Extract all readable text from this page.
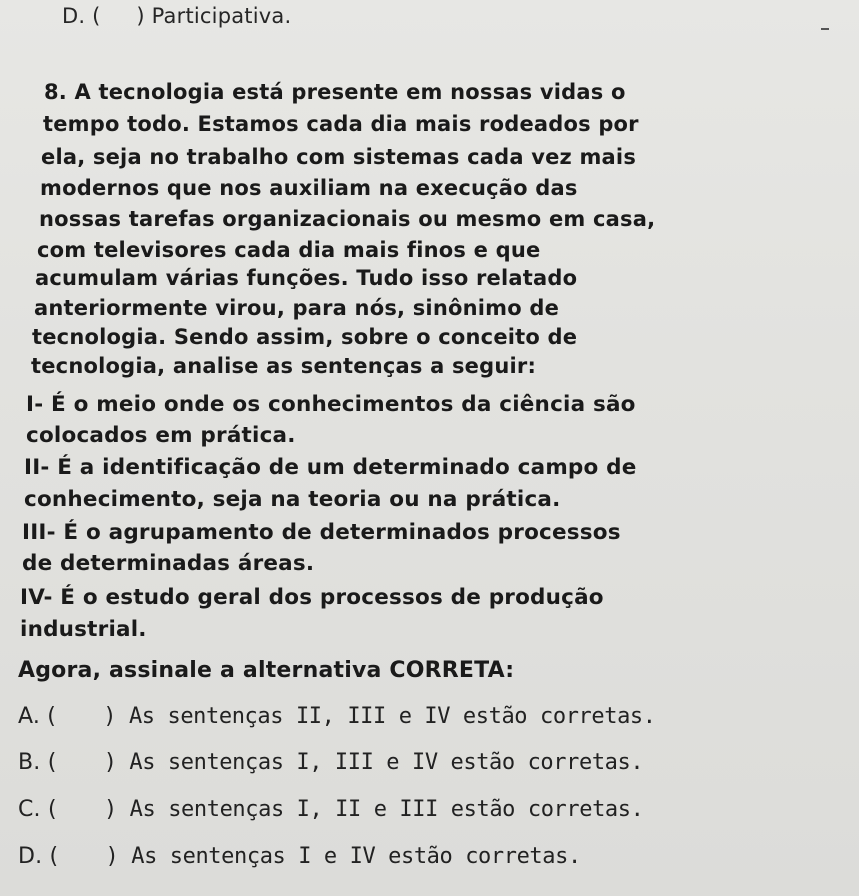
D. ( ) Participativa.
8. A tecnologia está presente em nossas vidas o
tempo todo. Estamos cada dia mais rodeados por
ela, seja no trabalho com sistemas cada vez mais
modernos que nos auxiliam na execução das
nossas tarefas organizacionais ou mesmo em casa,
com televisores cada dia mais finos e que
acumulam várias funções. Tudo isso relatado
anteriormente virou, para nós, sinônimo de
tecnologia. Sendo assim, sobre o conceito de
tecnologia, analise as sentenças a seguir:
I- É o meio onde os conhecimentos da ciência são
colocados em prática.
II- É a identificação de um determinado campo de
conhecimento, seja na teoria ou na prática.
III- É o agrupamento de determinados processos
de determinadas áreas.
IV- É o estudo geral dos processos de produção
industrial.
Agora, assinale a alternativa CORRETA:
A. ( ) As sentenças II, III e IV estão corretas.
B. ( ) As sentenças I, III e IV estão corretas.
C. ( ) As sentenças I, II e III estão corretas.
D. ( ) As sentenças I e IV estão corretas.
